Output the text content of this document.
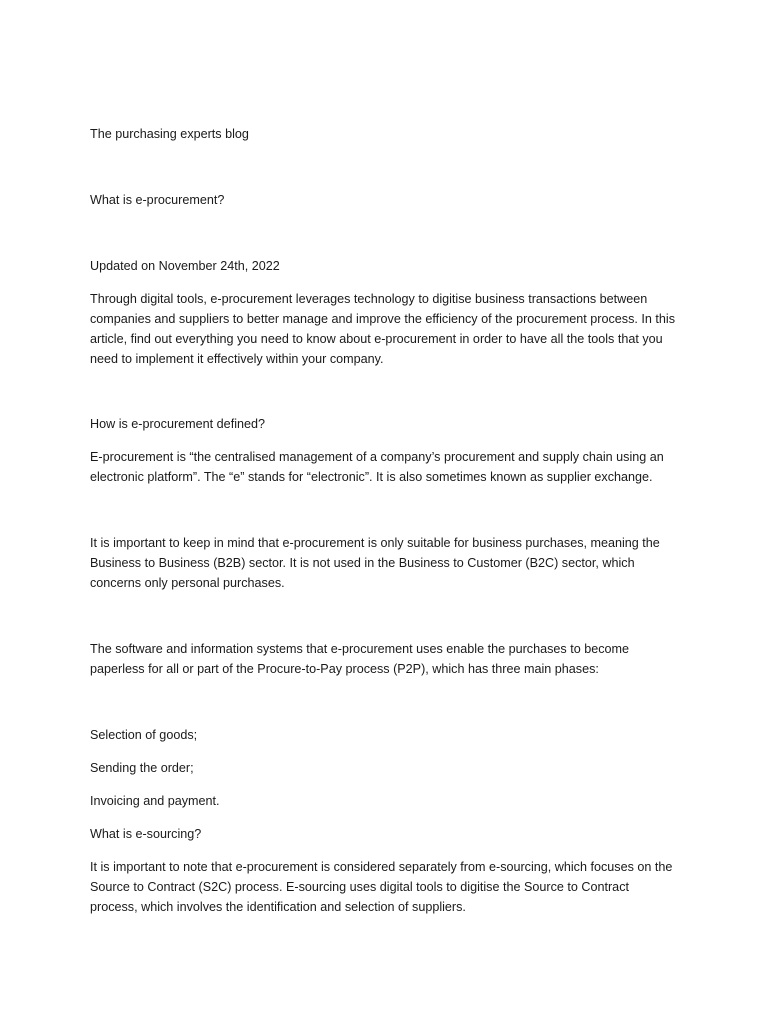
The purchasing experts blog

What is e-procurement?

Updated on November 24th, 2022

Through digital tools, e-procurement leverages technology to digitise business transactions between companies and suppliers to better manage and improve the efficiency of the procurement process. In this article, find out everything you need to know about e-procurement in order to have all the tools that you need to implement it effectively within your company.

How is e-procurement defined?

E-procurement is “the centralised management of a company’s procurement and supply chain using an electronic platform”. The “e” stands for “electronic”. It is also sometimes known as supplier exchange.

It is important to keep in mind that e-procurement is only suitable for business purchases, meaning the Business to Business (B2B) sector. It is not used in the Business to Customer (B2C) sector, which concerns only personal purchases.

The software and information systems that e-procurement uses enable the purchases to become paperless for all or part of the Procure-to-Pay process (P2P), which has three main phases:

Selection of goods;

Sending the order;

Invoicing and payment.

What is e-sourcing?

It is important to note that e-procurement is considered separately from e-sourcing, which focuses on the Source to Contract (S2C) process. E-sourcing uses digital tools to digitise the Source to Contract process, which involves the identification and selection of suppliers.
